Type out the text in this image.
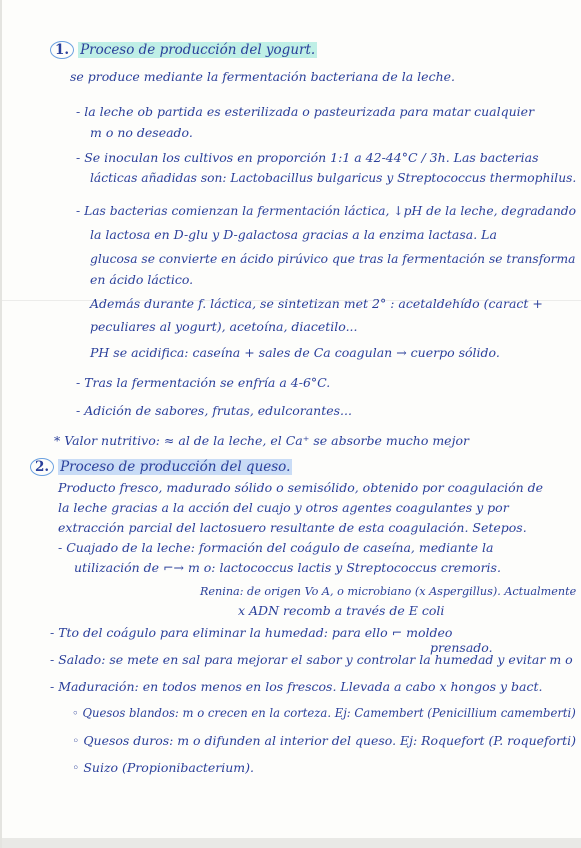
1. Proceso de producción del yogurt.
se produce mediante la fermentación bacteriana de la leche.
- la leche ob partida es esterilizada o pasteurizada para matar cualquier
m o no deseado.
- Se inoculan los cultivos en proporción 1:1 a 42-44°C / 3h. Las bacterias
lácticas añadidas son: Lactobacillus bulgaricus y Streptococcus thermophilus.
- Las bacterias comienzan la fermentación láctica, ↓pH de la leche, degradando
la lactosa en D-glu y D-galactosa gracias a la enzima lactasa. La
glucosa se convierte en ácido pirúvico que tras la fermentación se transforma
en ácido láctico.
Además durante f. láctica, se sintetizan met 2° : acetaldehído (caract +
peculiares al yogurt), acetoína, diacetilo...
PH se acidifica: caseína + sales de Ca coagulan → cuerpo sólido.
- Tras la fermentación se enfría a 4-6°C.
- Adición de sabores, frutas, edulcorantes...
* Valor nutritivo: ≈ al de la leche, el Ca⁺ se absorbe mucho mejor
2. Proceso de producción del queso.
Producto fresco, madurado sólido o semisólido, obtenido por coagulación de
la leche gracias a la acción del cuajo y otros agentes coagulantes y por
extracción parcial del lactosuero resultante de esta coagulación. Setepos.
- Cuajado de la leche: formación del coágulo de caseína, mediante la
utilización de ⌐→ m o: lactococcus lactis y Streptococcus cremoris.
Renina: de origen Vo A, o microbiano (x Aspergillus). Actualmente
x ADN recomb a través de E coli
- Tto del coágulo para eliminar la humedad: para ello ⌐ moldeo
prensado.
- Salado: se mete en sal para mejorar el sabor y controlar la humedad y evitar m o
- Maduración: en todos menos en los frescos. Llevada a cabo x hongos y bact.
◦ Quesos blandos: m o crecen en la corteza. Ej: Camembert (Penicillium camemberti)
◦ Quesos duros: m o difunden al interior del queso. Ej: Roquefort (P. roqueforti)
◦ Suizo (Propionibacterium).
